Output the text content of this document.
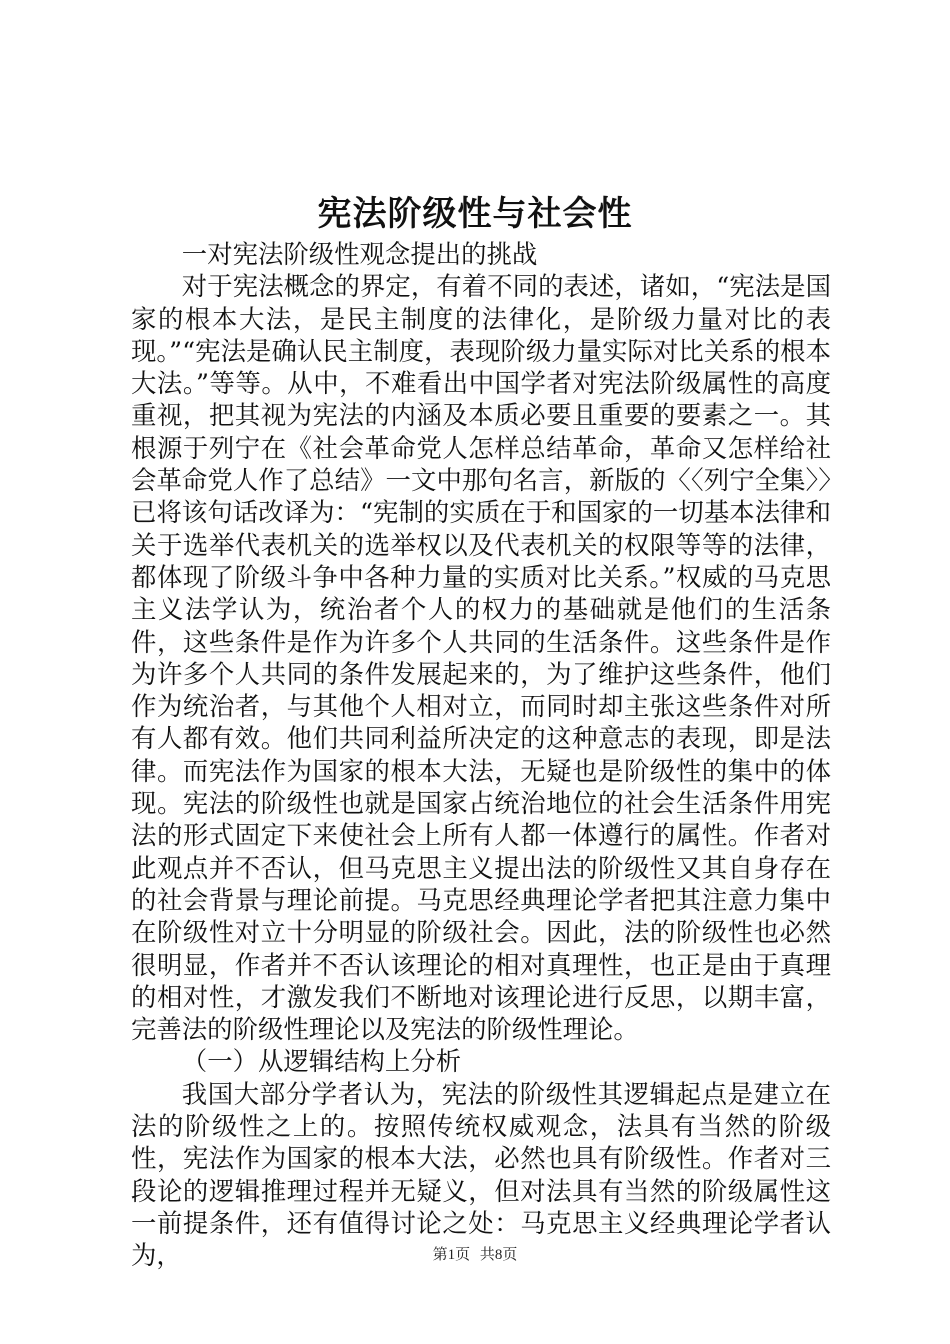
宪法阶级性与社会性

一对宪法阶级性观念提出的挑战

对于宪法概念的界定，有着不同的表述，诸如，“宪法是国家的根本大法，是民主制度的法律化，是阶级力量对比的表现。”“宪法是确认民主制度，表现阶级力量实际对比关系的根本大法。”等等。从中，不难看出中国学者对宪法阶级属性的高度重视，把其视为宪法的内涵及本质必要且重要的要素之一。其根源于列宁在《社会革命党人怎样总结革命，革命又怎样给社会革命党人作了总结》一文中那句名言，新版的〈〈列宁全集〉〉已将该句话改译为：“宪制的实质在于和国家的一切基本法律和关于选举代表机关的选举权以及代表机关的权限等等的法律，都体现了阶级斗争中各种力量的实质对比关系。”权威的马克思主义法学认为，统治者个人的权力的基础就是他们的生活条件，这些条件是作为许多个人共同的生活条件。这些条件是作为许多个人共同的条件发展起来的，为了维护这些条件，他们作为统治者，与其他个人相对立，而同时却主张这些条件对所有人都有效。他们共同利益所决定的这种意志的表现，即是法律。而宪法作为国家的根本大法，无疑也是阶级性的集中的体现。宪法的阶级性也就是国家占统治地位的社会生活条件用宪法的形式固定下来使社会上所有人都一体遵行的属性。作者对此观点并不否认，但马克思主义提出法的阶级性又其自身存在的社会背景与理论前提。马克思经典理论学者把其注意力集中在阶级性对立十分明显的阶级社会。因此，法的阶级性也必然很明显，作者并不否认该理论的相对真理性，也正是由于真理的相对性，才激发我们不断地对该理论进行反思，以期丰富，完善法的阶级性理论以及宪法的阶级性理论。

（一）从逻辑结构上分析

我国大部分学者认为，宪法的阶级性其逻辑起点是建立在法的阶级性之上的。按照传统权威观念，法具有当然的阶级性，宪法作为国家的根本大法，必然也具有阶级性。作者对三段论的逻辑推理过程并无疑义，但对法具有当然的阶级属性这一前提条件，还有值得讨论之处：马克思主义经典理论学者认为，	第1页 共8页
